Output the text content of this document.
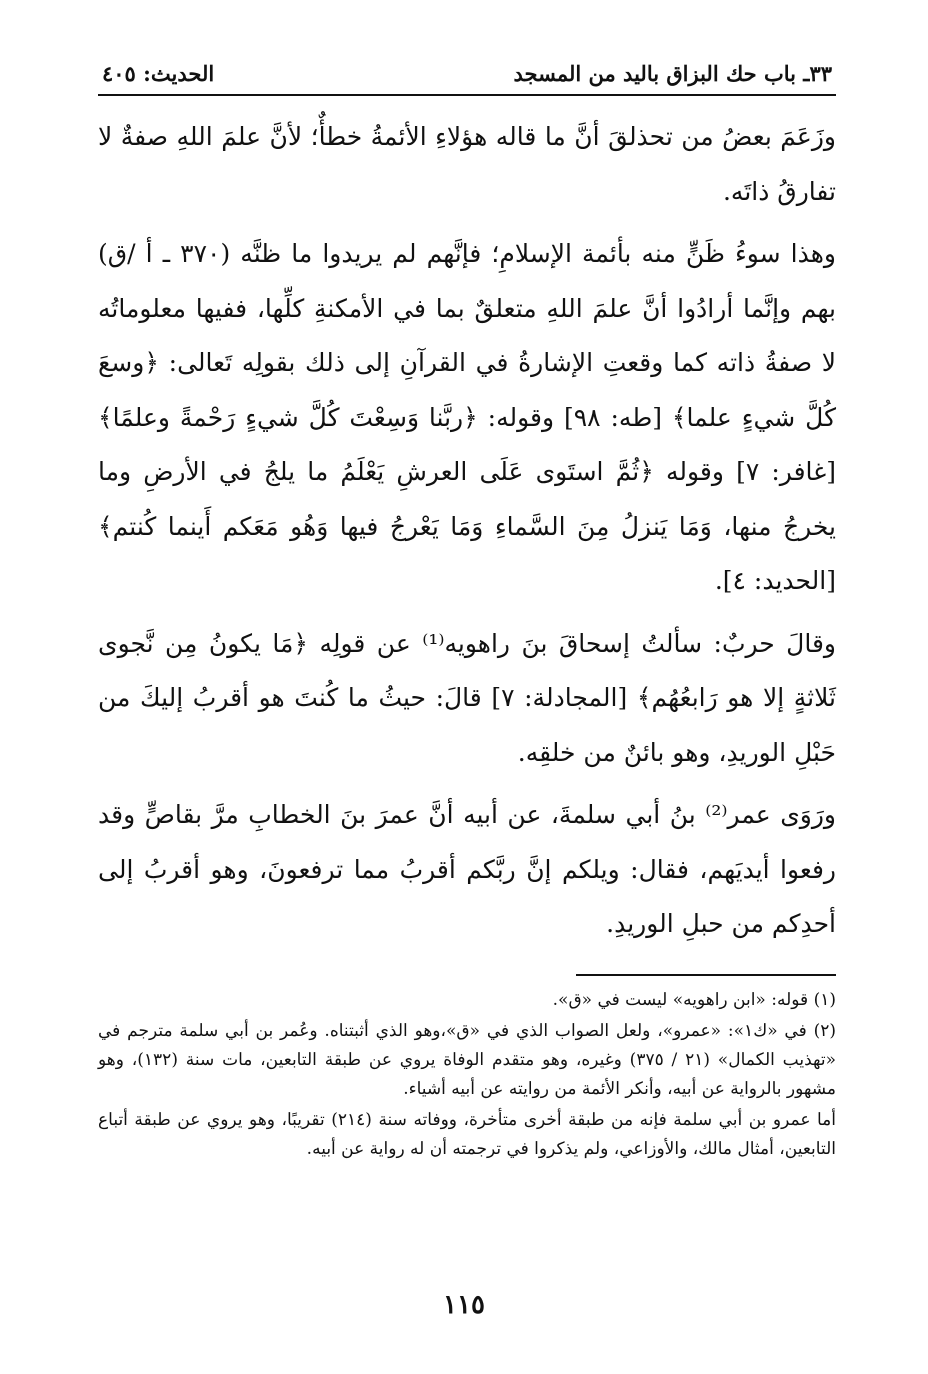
٣٣ـ باب حك البزاق باليد من المسجد
الحديث: ٤٠٥

وزَعَمَ بعضُ من تحذلقَ أنَّ ما قاله هؤلاءِ الأئمةُ خطأٌ؛ لأنَّ علمَ اللهِ صفةٌ لا تفارقُ ذاتَه.

وهذا سوءُ ظَنٍّ منه بأئمة الإسلامِ؛ فإنَّهم لم يريدوا ما ظنَّه (٣٧٠ ـ أ /ق) بهم وإنَّما أرادُوا أنَّ علمَ اللهِ متعلقٌ بما في الأمكنةِ كلِّها، ففيها معلوماتُه لا صفةُ ذاته كما وقعتِ الإشارةُ في القرآنِ إلى ذلك بقولِه تَعالى: ﴿وسعَ كُلَّ شيءٍ علما﴾ [طه: ٩٨] وقوله: ﴿ربَّنا وَسِعْتَ كُلَّ شيءٍ رَحْمةً وعلمًا﴾ [غافر: ٧] وقوله ﴿ثُمَّ استَوى عَلَى العرشِ يَعْلَمُ ما يلجُ في الأرضِ وما يخرجُ منها، وَمَا يَنزلُ مِنَ السَّماءِ وَمَا يَعْرجُ فيها وَهُو مَعَكم أَينما كُنتم﴾ [الحديد: ٤].

وقالَ حربٌ: سألتُ إسحاقَ بنَ راهويه⁽¹⁾ عن قولِه ﴿مَا يكونُ مِن نَّجوى ثَلاثةٍ إلا هو رَابعُهُم﴾ [المجادلة: ٧] قالَ: حيثُ ما كُنتَ هو أقربُ إليكَ من حَبْلِ الوريدِ، وهو بائنٌ من خلقِه.

ورَوَى عمر⁽²⁾ بنُ أبي سلمةَ، عن أبيه أنَّ عمرَ بنَ الخطابِ مرَّ بقاصٍّ وقد رفعوا أيديَهم، فقال: ويلكم إنَّ ربَّكم أقربُ مما ترفعونَ، وهو أقربُ إلى أحدِكم من حبلِ الوريدِ.

(١) قوله: «ابن راهويه» ليست في «ق».

(٢) في «ك١»: «عمرو»، ولعل الصواب الذي في «ق»،وهو الذي أثبتناه. وعُمر بن أبي سلمة مترجم في «تهذيب الكمال» (٢١ / ٣٧٥) وغيره، وهو متقدم الوفاة يروي عن طبقة التابعين، مات سنة (١٣٢)، وهو مشهور بالرواية عن أبيه، وأنكر الأئمة من روايته عن أبيه أشياء.

أما عمرو بن أبي سلمة فإنه من طبقة أخرى متأخرة، ووفاته سنة (٢١٤) تقريبًا، وهو يروي عن طبقة أتباع التابعين، أمثال مالك، والأوزاعي، ولم يذكروا في ترجمته أن له رواية عن أبيه.

١١٥
